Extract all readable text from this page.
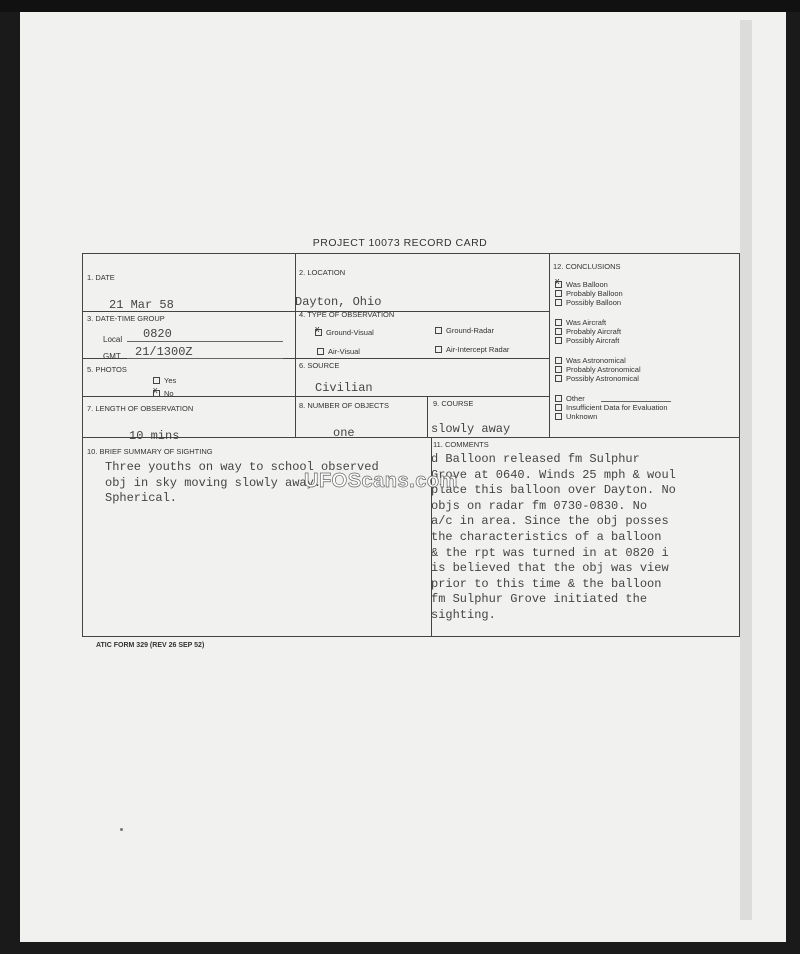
PROJECT 10073 RECORD CARD
1. DATE
21 Mar 58
2. LOCATION
Dayton, Ohio
3. DATE-TIME GROUP
Local 0820
GMT 21/1300Z
4. TYPE OF OBSERVATION
xGround-Visual	Ground-Radar
Air-Visual	Air-Intercept Radar
5. PHOTOS
Yes
xNo
6. SOURCE
Civilian
7. LENGTH OF OBSERVATION
10 mins
8. NUMBER OF OBJECTS
one
9. COURSE
slowly away
12. CONCLUSIONS
xWas Balloon
Probably Balloon
Possibly Balloon
Was Aircraft
Probably Aircraft
Possibly Aircraft
Was Astronomical
Probably Astronomical
Possibly Astronomical
Other
Insufficient Data for Evaluation
Unknown
10. BRIEF SUMMARY OF SIGHTING
Three youths on way to school observed
obj in sky moving slowly away.
Spherical.
11. COMMENTS
d Balloon released fm Sulphur
Grove at 0640. Winds 25 mph & woul
place this balloon over Dayton. No
objs on radar fm 0730-0830. No
a/c in area. Since the obj posses
the characteristics of a balloon
& the rpt was turned in at 0820 i
is believed that the obj was view
prior to this time & the balloon
fm Sulphur Grove initiated the
sighting.
UFOScans.com
ATIC FORM 329 (REV 26 SEP 52)
